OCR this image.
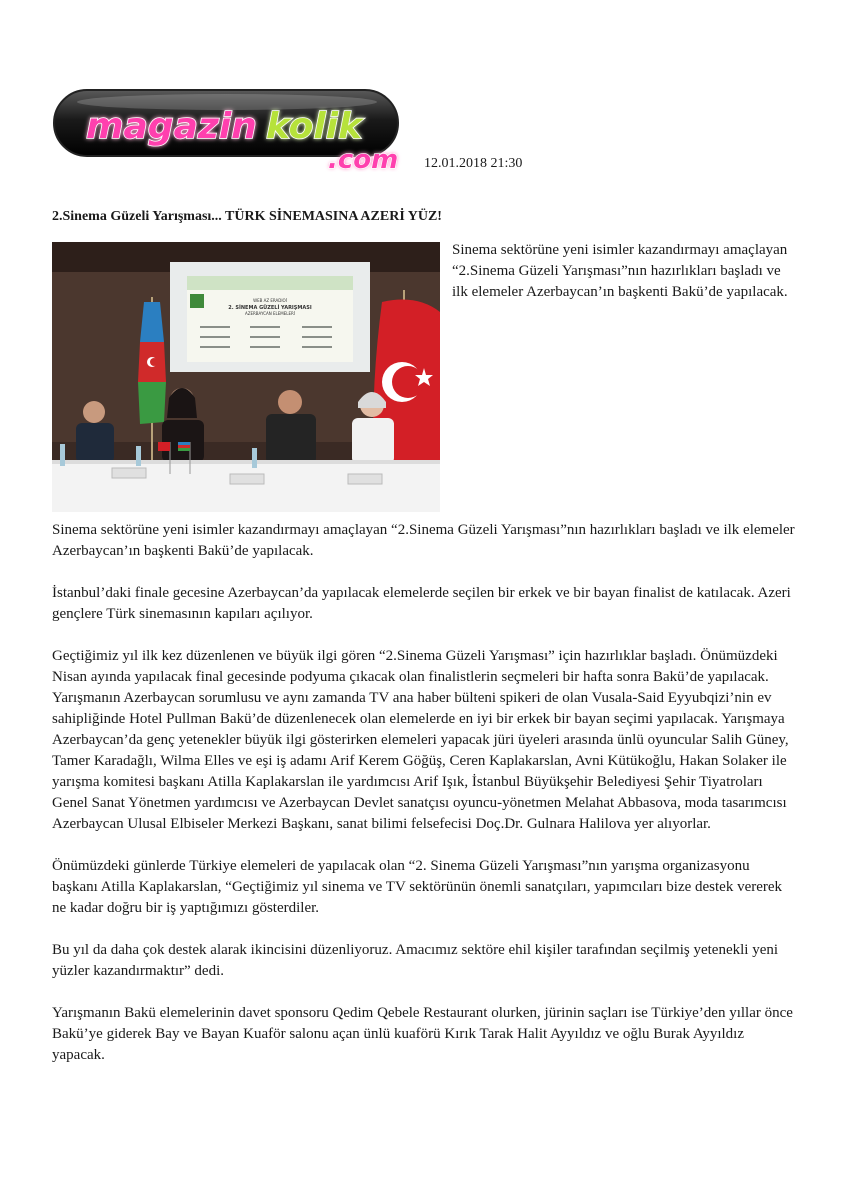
magazin kolik
.com 12.01.2018 21:30
2.Sinema Güzeli Yarışması... TÜRK SİNEMASINA AZERİ YÜZ!
WEB AZ ERADIOİ
2. SİNEMA GÜZELİ YARIŞMASI
AZERBAYCAN ELEMELERİ

Sinema sektörüne yeni isimler kazandırmayı amaçlayan “2.Sinema Güzeli Yarışması”nın hazırlıkları başladı ve ilk elemeler Azerbaycan’ın başkenti Bakü’de yapılacak.

Sinema sektörüne yeni isimler kazandırmayı amaçlayan “2.Sinema Güzeli Yarışması”nın hazırlıkları başladı ve ilk elemeler Azerbaycan’ın başkenti Bakü’de yapılacak.

İstanbul’daki finale gecesine Azerbaycan’da yapılacak elemelerde seçilen bir erkek ve bir bayan finalist de katılacak. Azeri gençlere Türk sinemasının kapıları açılıyor.

Geçtiğimiz yıl ilk kez düzenlenen ve büyük ilgi gören “2.Sinema Güzeli Yarışması” için hazırlıklar başladı. Önümüzdeki Nisan ayında yapılacak final gecesinde podyuma çıkacak olan finalistlerin seçmeleri bir hafta sonra Bakü’de yapılacak. Yarışmanın Azerbaycan sorumlusu ve aynı zamanda TV ana haber bülteni spikeri de olan Vusala-Said Eyyubqizi’nin ev sahipliğinde Hotel Pullman Bakü’de düzenlenecek olan elemelerde en iyi bir erkek bir bayan seçimi yapılacak. Yarışmaya Azerbaycan’da genç yetenekler büyük ilgi gösterirken elemeleri yapacak jüri üyeleri arasında ünlü oyuncular Salih Güney, Tamer Karadağlı, Wilma Elles ve eşi iş adamı Arif Kerem Göğüş, Ceren Kaplakarslan, Avni Kütükoğlu, Hakan Solaker ile yarışma komitesi başkanı Atilla Kaplakarslan ile yardımcısı Arif Işık, İstanbul Büyükşehir Belediyesi Şehir Tiyatroları Genel Sanat Yönetmen yardımcısı ve Azerbaycan Devlet sanatçısı oyuncu-yönetmen Melahat Abbasova, moda tasarımcısı Azerbaycan Ulusal Elbiseler Merkezi Başkanı, sanat bilimi felsefecisi Doç.Dr. Gulnara Halilova yer alıyorlar.

Önümüzdeki günlerde Türkiye elemeleri de yapılacak olan “2. Sinema Güzeli Yarışması”nın yarışma organizasyonu başkanı Atilla Kaplakarslan, “Geçtiğimiz yıl sinema ve TV sektörünün önemli sanatçıları, yapımcıları bize destek vererek ne kadar doğru bir iş yaptığımızı gösterdiler.

Bu yıl da daha çok destek alarak ikincisini düzenliyoruz. Amacımız sektöre ehil kişiler tarafından seçilmiş yetenekli yeni yüzler kazandırmaktır” dedi.

Yarışmanın Bakü elemelerinin davet sponsoru Qedim Qebele Restaurant olurken, jürinin saçları ise Türkiye’den yıllar önce Bakü’ye giderek Bay ve Bayan Kuaför salonu açan ünlü kuaförü Kırık Tarak Halit Ayyıldız ve oğlu Burak Ayyıldız yapacak.
